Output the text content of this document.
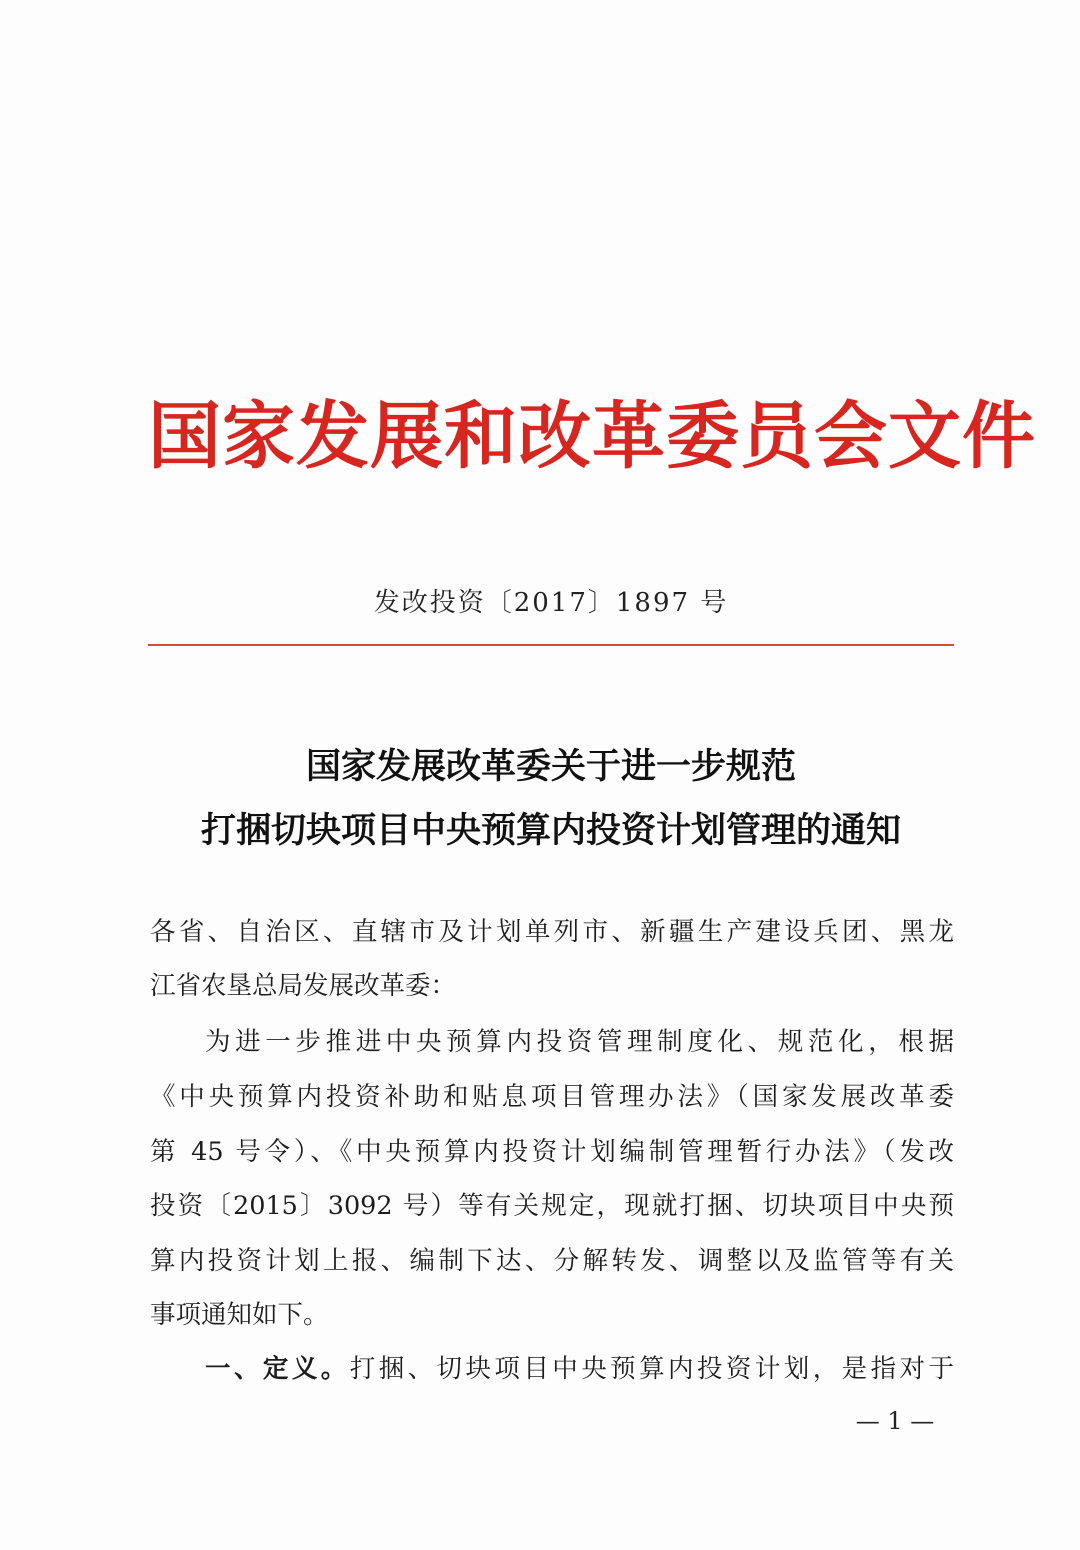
国家发展和改革委员会文件
发改投资〔2017〕1897 号
国家发展改革委关于进一步规范
打捆切块项目中央预算内投资计划管理的通知
各省、自治区、直辖市及计划单列市、新疆生产建设兵团、黑龙
江省农垦总局发展改革委：
为进一步推进中央预算内投资管理制度化、规范化，根据
《中央预算内投资补助和贴息项目管理办法》（国家发展改革委
第 45 号令）、《中央预算内投资计划编制管理暂行办法》（发改
投资〔2015〕3092 号）等有关规定，现就打捆、切块项目中央预
算内投资计划上报、编制下达、分解转发、调整以及监管等有关
事项通知如下。
一、定义。打捆、切块项目中央预算内投资计划，是指对于
— 1 —
